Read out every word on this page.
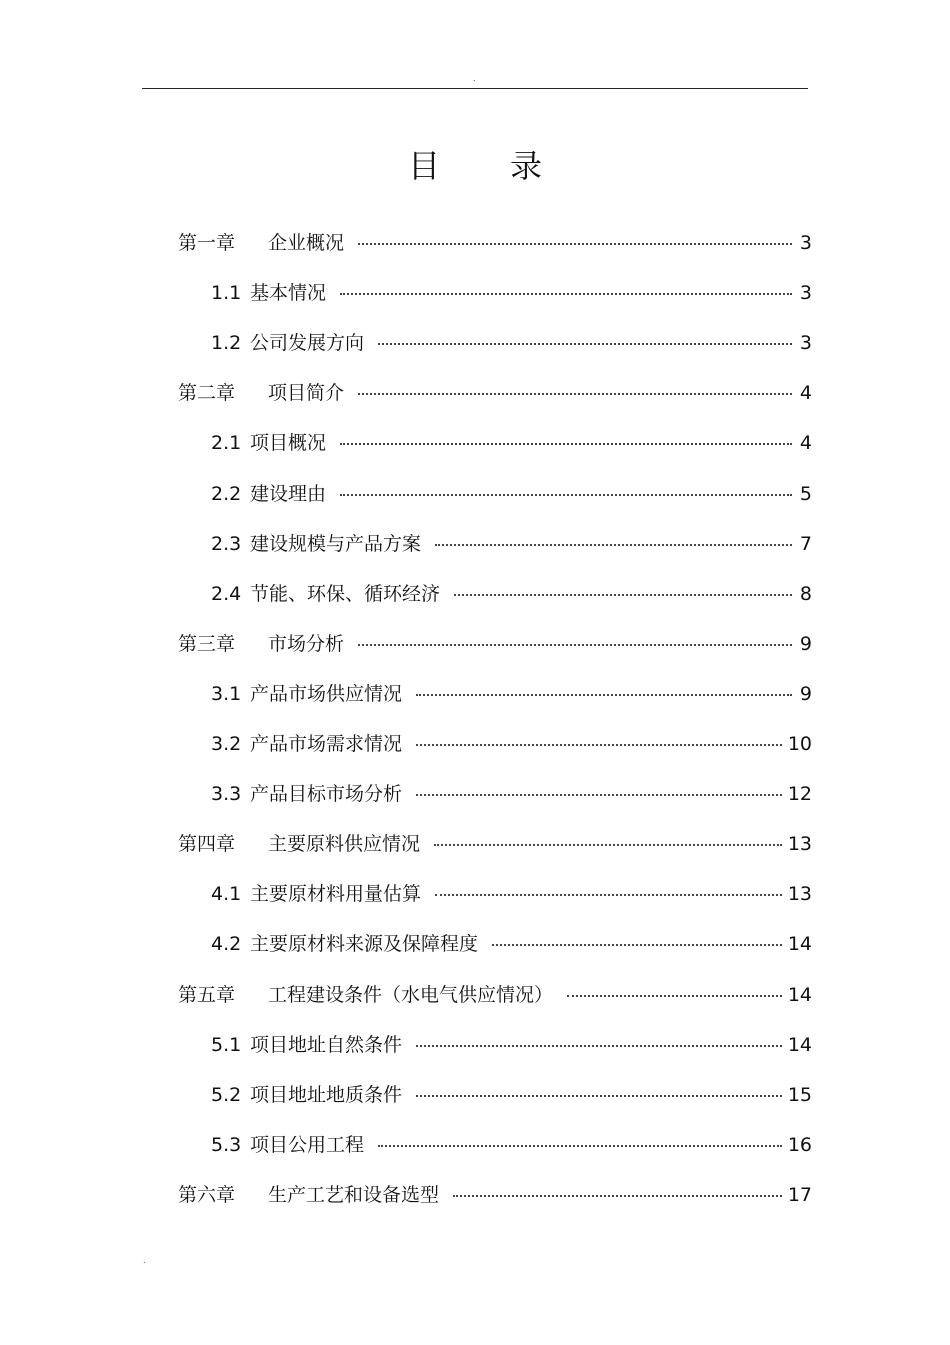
.
目录
第一章	企业概况	3
1.1 基本情况	3
1.2 公司发展方向	3
第二章	项目简介	4
2.1 项目概况	4
2.2 建设理由	5
2.3 建设规模与产品方案	7
2.4 节能、环保、循环经济	8
第三章	市场分析	9
3.1 产品市场供应情况	9
3.2 产品市场需求情况	10
3.3 产品目标市场分析	12
第四章	主要原料供应情况	13
4.1 主要原材料用量估算	13
4.2 主要原材料来源及保障程度	14
第五章	工程建设条件（水电气供应情况）	14
5.1 项目地址自然条件	14
5.2 项目地址地质条件	15
5.3 项目公用工程	16
第六章	生产工艺和设备选型	17
.
